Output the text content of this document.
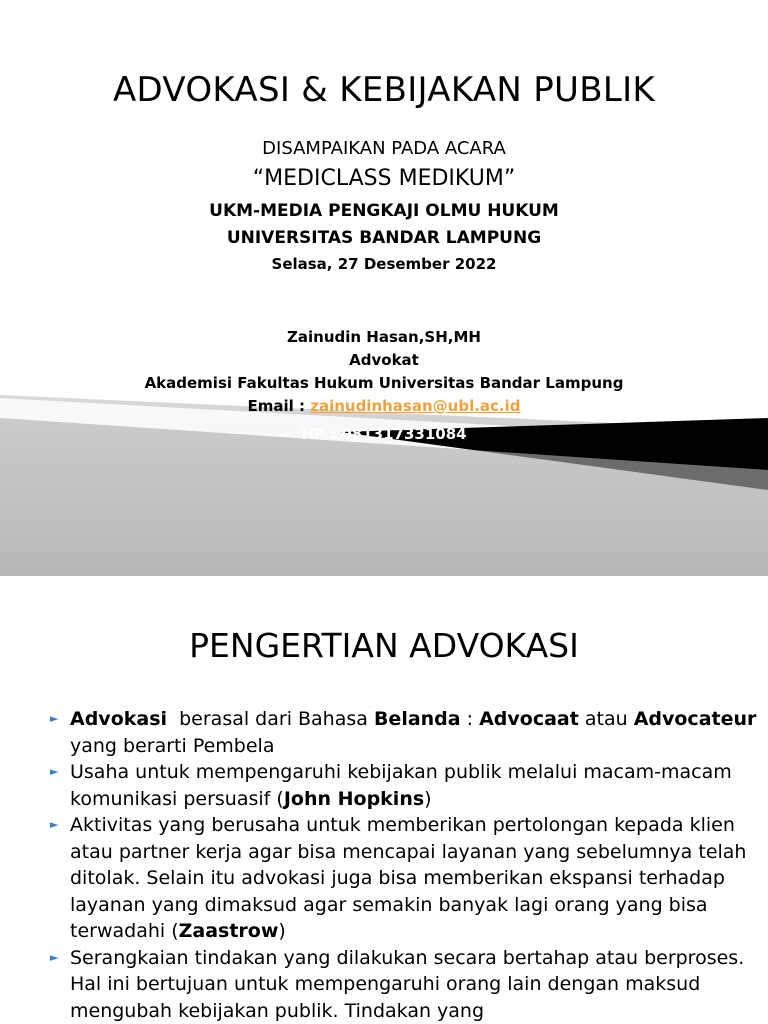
ADVOKASI & KEBIJAKAN PUBLIK
DISAMPAIKAN PADA ACARA
“MEDICLASS MEDIKUM”
UKM-MEDIA PENGKAJI OLMU HUKUM
UNIVERSITAS BANDAR LAMPUNG
Selasa, 27 Desember 2022
Zainudin Hasan,SH,MH
Advokat
Akademisi Fakultas Hukum Universitas Bandar Lampung
Email : zainudinhasan@ubl.ac.id
HP : 081317331084
PENGERTIAN ADVOKASI
► Advokasi  berasal dari Bahasa Belanda : Advocaat atau Advocateur yang berarti Pembela
► Usaha untuk mempengaruhi kebijakan publik melalui macam-macam komunikasi persuasif (John Hopkins)
► Aktivitas yang berusaha untuk memberikan pertolongan kepada klien atau partner kerja agar bisa mencapai layanan yang sebelumnya telah ditolak. Selain itu advokasi juga bisa memberikan ekspansi terhadap layanan yang dimaksud agar semakin banyak lagi orang yang bisa terwadahi (Zaastrow)
► Serangkaian tindakan yang dilakukan secara bertahap atau berproses. Hal ini bertujuan untuk mempengaruhi orang lain dengan maksud mengubah kebijakan publik. Tindakan yang
